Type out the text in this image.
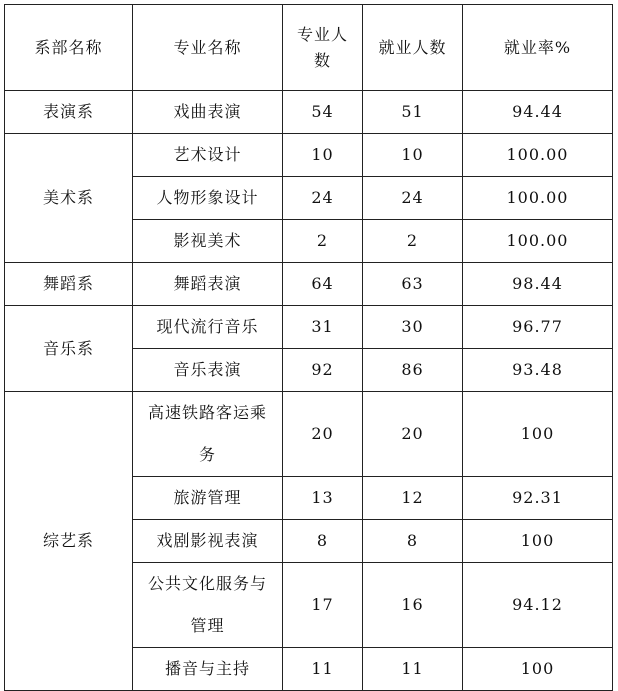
系部名称	专业名称	专业人数	就业人数	就业率%
表演系	戏曲表演	54	51	94.44
美术系	艺术设计	10	10	100.00
	人物形象设计	24	24	100.00
	影视美术	2	2	100.00
舞蹈系	舞蹈表演	64	63	98.44
音乐系	现代流行音乐	31	30	96.77
	音乐表演	92	86	93.48
综艺系	高速铁路客运乘务	20	20	100
	旅游管理	13	12	92.31
	戏剧影视表演	8	8	100
	公共文化服务与管理	17	16	94.12
	播音与主持	11	11	100
